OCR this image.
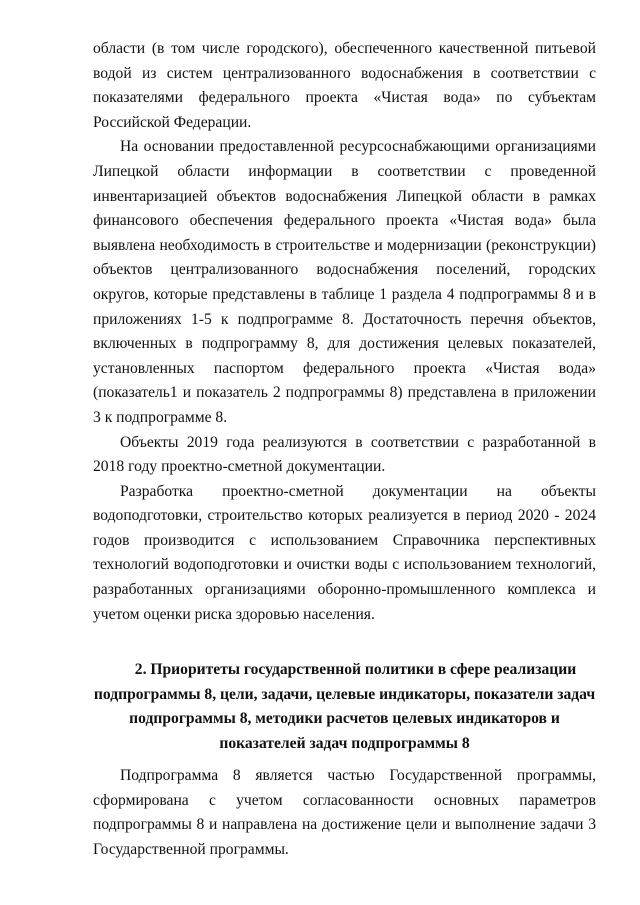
области (в том числе городского), обеспеченного качественной питьевой водой из систем централизованного водоснабжения в соответствии с показателями федерального проекта «Чистая вода» по субъектам Российской Федерации.

На основании предоставленной ресурсоснабжающими организациями Липецкой области информации в соответствии с проведенной инвентаризацией объектов водоснабжения Липецкой области в рамках финансового обеспечения федерального проекта «Чистая вода» была выявлена необходимость в строительстве и модернизации (реконструкции) объектов централизованного водоснабжения поселений, городских округов, которые представлены в таблице 1 раздела 4 подпрограммы 8 и в приложениях 1-5 к подпрограмме 8. Достаточность перечня объектов, включенных в подпрограмму 8, для достижения целевых показателей, установленных паспортом федерального проекта «Чистая вода» (показатель1 и показатель 2 подпрограммы 8) представлена в приложении 3 к подпрограмме 8.

Объекты 2019 года реализуются в соответствии с разработанной в 2018 году проектно-сметной документации.

Разработка проектно-сметной документации на объекты водоподготовки, строительство которых реализуется в период 2020 - 2024 годов производится с использованием Справочника перспективных технологий водоподготовки и очистки воды с использованием технологий, разработанных организациями оборонно-промышленного комплекса и учетом оценки риска здоровью населения.

2. Приоритеты государственной политики в сфере реализации
подпрограммы 8, цели, задачи, целевые индикаторы, показатели задач
подпрограммы 8, методики расчетов целевых индикаторов и
показателей задач подпрограммы 8

Подпрограмма 8 является частью Государственной программы, сформирована с учетом согласованности основных параметров подпрограммы 8 и направлена на достижение цели и выполнение задачи 3 Государственной программы.
